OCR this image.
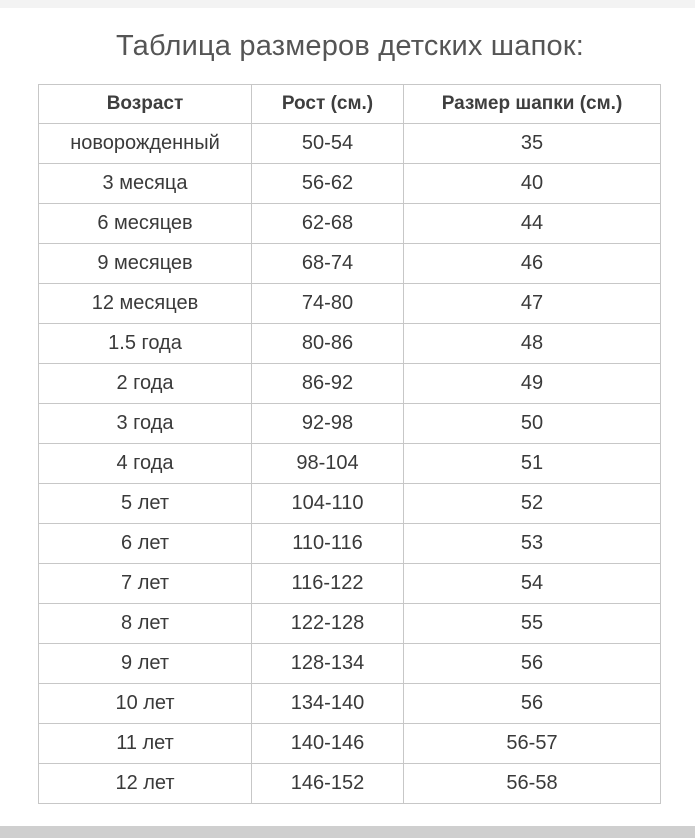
Таблица размеров детских шапок:
Возраст	Рост (см.)	Размер шапки (см.)
новорожденный	50-54	35
3 месяца	56-62	40
6 месяцев	62-68	44
9 месяцев	68-74	46
12 месяцев	74-80	47
1.5 года	80-86	48
2 года	86-92	49
3 года	92-98	50
4 года	98-104	51
5 лет	104-110	52
6 лет	110-116	53
7 лет	116-122	54
8 лет	122-128	55
9 лет	128-134	56
10 лет	134-140	56
11 лет	140-146	56-57
12 лет	146-152	56-58
